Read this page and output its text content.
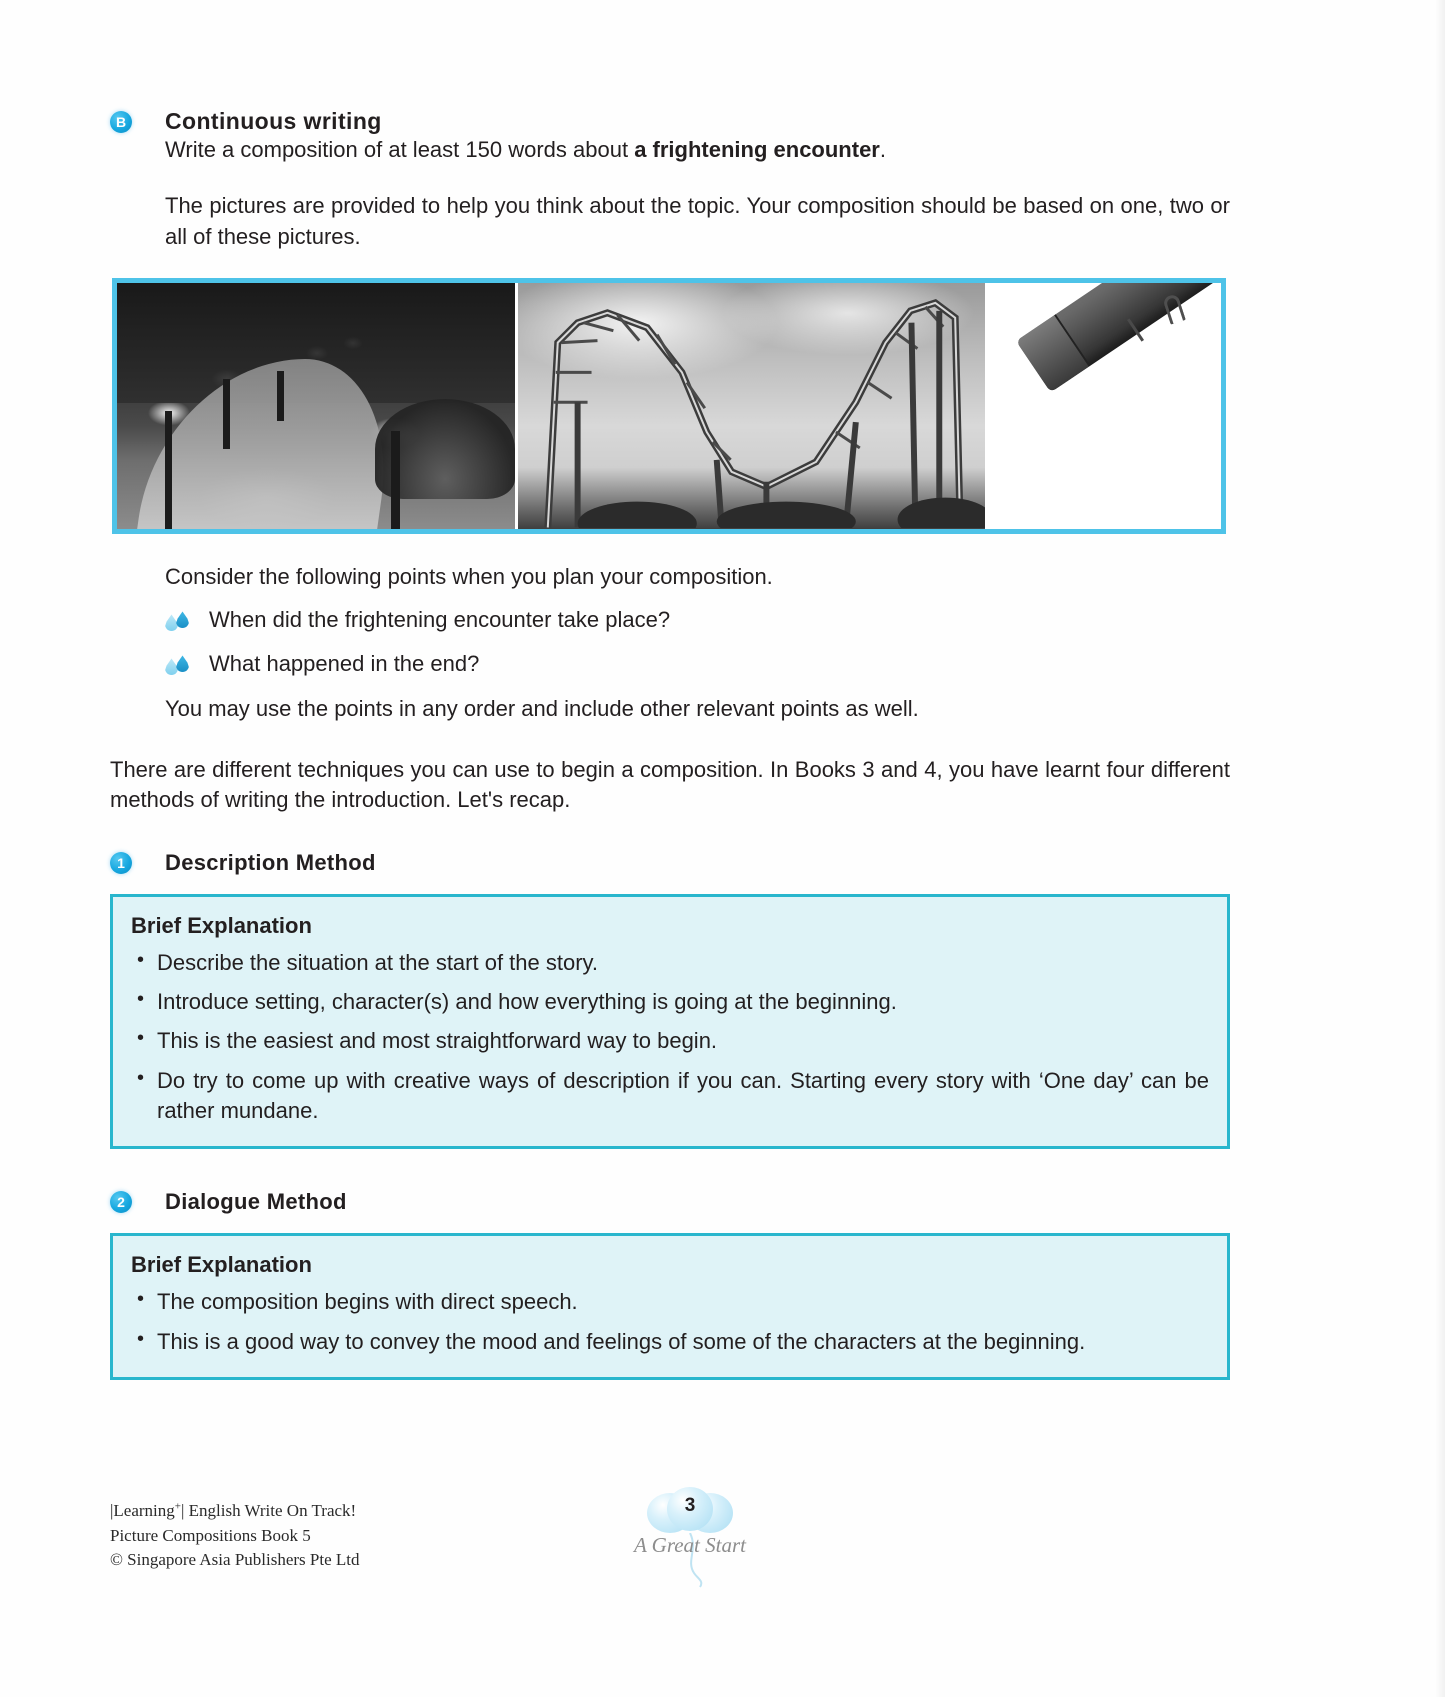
B Continuous writing

Write a composition of at least 150 words about a frightening encounter.

The pictures are provided to help you think about the topic. Your composition should be based on one, two or all of these pictures.

Consider the following points when you plan your composition.

When did the frightening encounter take place?
What happened in the end?

You may use the points in any order and include other relevant points as well.

There are different techniques you can use to begin a composition. In Books 3 and 4, you have learnt four different methods of writing the introduction. Let's recap.

1	Description Method

Brief Explanation

• Describe the situation at the start of the story.
• Introduce setting, character(s) and how everything is going at the beginning.
• This is the easiest and most straightforward way to begin.
• Do try to come up with creative ways of description if you can. Starting every story with ‘One day’ can be rather mundane.
2	Dialogue Method

Brief Explanation

• The composition begins with direct speech.
• This is a good way to convey the mood and feelings of some of the characters at the beginning.
|Learning+| English Write On Track!
Picture Compositions Book 5
© Singapore Asia Publishers Pte Ltd
3
A Great Start
